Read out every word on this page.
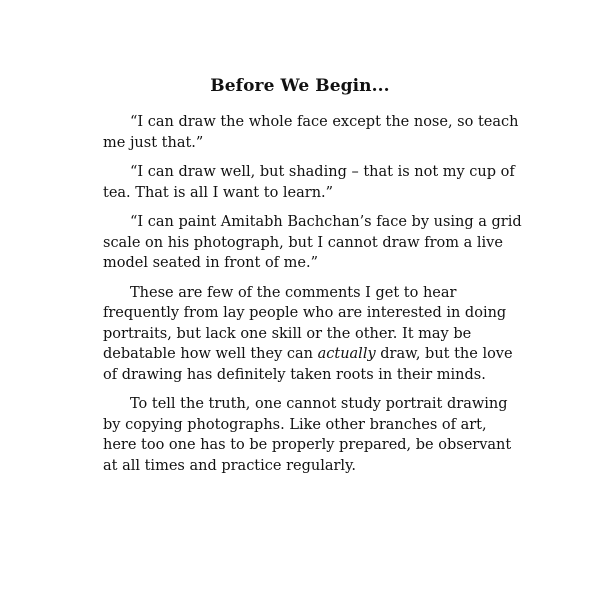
Before We Begin...

“I can draw the whole face except the nose, so teach me just that.”

“I can draw well, but shading – that is not my cup of tea. That is all I want to learn.”

“I can paint Amitabh Bachchan’s face by using a grid scale on his photograph, but I cannot draw from a live model seated in front of me.”

These are few of the comments I get to hear frequently from lay people who are interested in doing portraits, but lack one skill or the other. It may be debatable how well they can actually draw, but the love of drawing has definitely taken roots in their minds.

To tell the truth, one cannot study portrait drawing by copying photographs. Like other branches of art, here too one has to be properly prepared, be observant at all times and practice regularly.
